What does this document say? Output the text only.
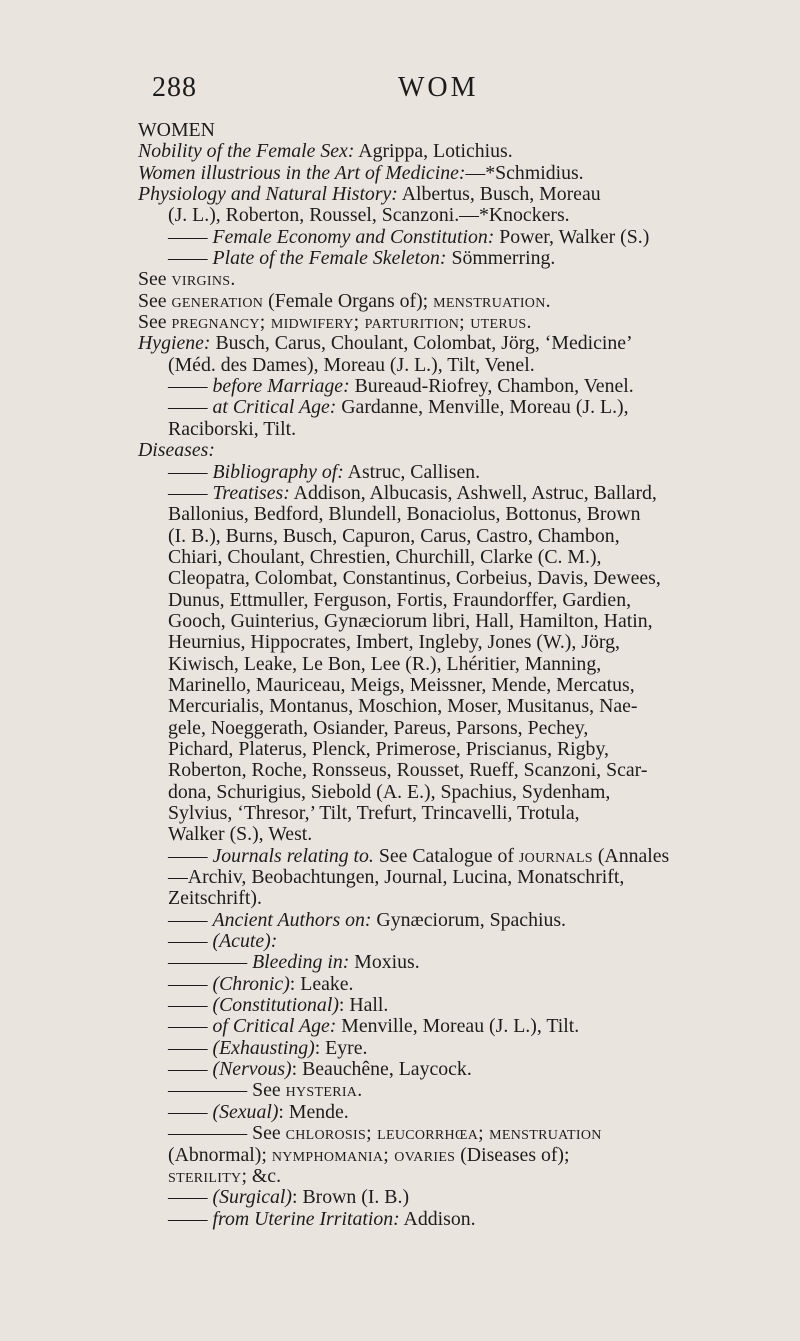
288	WOM
WOMEN
Nobility of the Female Sex: Agrippa, Lotichius.
Women illustrious in the Art of Medicine:—*Schmidius.
Physiology and Natural History: Albertus, Busch, Moreau
(J. L.), Roberton, Roussel, Scanzoni.—*Knockers.
—— Female Economy and Constitution: Power, Walker (S.)
—— Plate of the Female Skeleton: Sömmerring.
See virgins.
See generation (Female Organs of); menstruation.
See pregnancy; midwifery; parturition; uterus.
Hygiene: Busch, Carus, Choulant, Colombat, Jörg, ‘Medicine’
(Méd. des Dames), Moreau (J. L.), Tilt, Venel.
—— before Marriage: Bureaud-Riofrey, Chambon, Venel.
—— at Critical Age: Gardanne, Menville, Moreau (J. L.),
Raciborski, Tilt.
Diseases:
—— Bibliography of: Astruc, Callisen.
—— Treatises: Addison, Albucasis, Ashwell, Astruc, Ballard,
Ballonius, Bedford, Blundell, Bonaciolus, Bottonus, Brown
(I. B.), Burns, Busch, Capuron, Carus, Castro, Chambon,
Chiari, Choulant, Chrestien, Churchill, Clarke (C. M.),
Cleopatra, Colombat, Constantinus, Corbeius, Davis, Dewees,
Dunus, Ettmuller, Ferguson, Fortis, Fraundorffer, Gardien,
Gooch, Guinterius, Gynæciorum libri, Hall, Hamilton, Hatin,
Heurnius, Hippocrates, Imbert, Ingleby, Jones (W.), Jörg,
Kiwisch, Leake, Le Bon, Lee (R.), Lhéritier, Manning,
Marinello, Mauriceau, Meigs, Meissner, Mende, Mercatus,
Mercurialis, Montanus, Moschion, Moser, Musitanus, Nae-
gele, Noeggerath, Osiander, Pareus, Parsons, Pechey,
Pichard, Platerus, Plenck, Primerose, Priscianus, Rigby,
Roberton, Roche, Ronsseus, Rousset, Rueff, Scanzoni, Scar-
dona, Schurigius, Siebold (A. E.), Spachius, Sydenham,
Sylvius, ‘Thresor,’ Tilt, Trefurt, Trincavelli, Trotula,
Walker (S.), West.
—— Journals relating to. See Catalogue of journals (Annales
—Archiv, Beobachtungen, Journal, Lucina, Monatschrift,
Zeitschrift).
—— Ancient Authors on: Gynæciorum, Spachius.
—— (Acute):
———— Bleeding in: Moxius.
—— (Chronic): Leake.
—— (Constitutional): Hall.
—— of Critical Age: Menville, Moreau (J. L.), Tilt.
—— (Exhausting): Eyre.
—— (Nervous): Beauchêne, Laycock.
———— See hysteria.
—— (Sexual): Mende.
———— See chlorosis; leucorrhœa; menstruation
(Abnormal); nymphomania; ovaries (Diseases of);
sterility; &c.
—— (Surgical): Brown (I. B.)
—— from Uterine Irritation: Addison.
